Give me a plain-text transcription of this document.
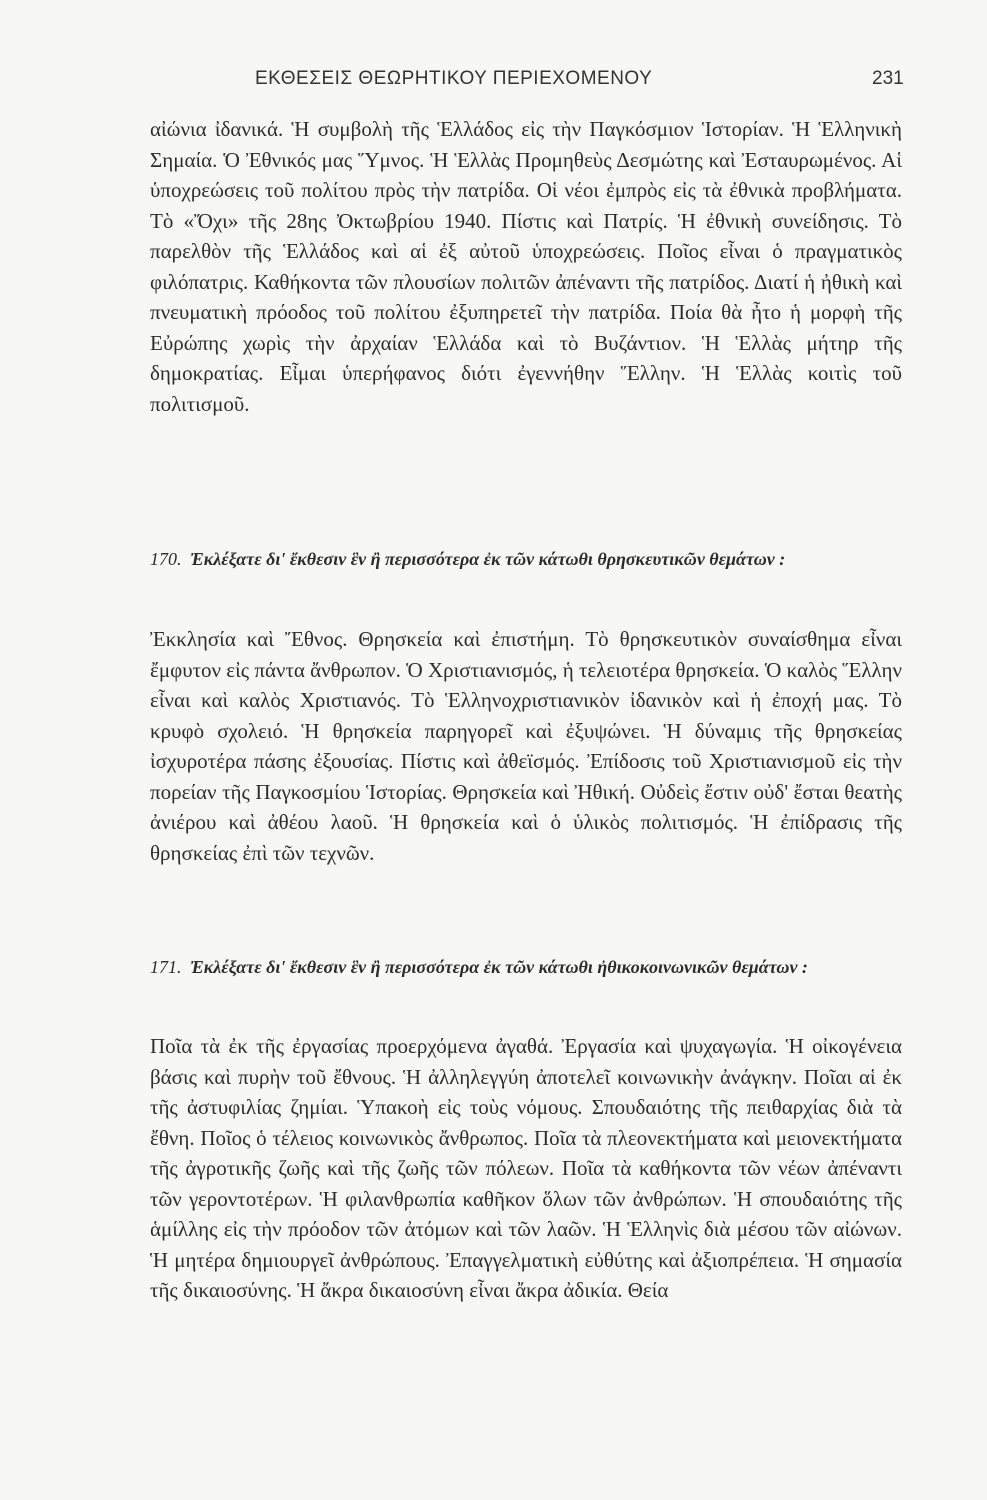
ΕΚΘΕΣΕΙΣ ΘΕΩΡΗΤΙΚΟΥ ΠΕΡΙΕΧΟΜΕΝΟΥ	231

αἰώνια ἰδανικά. Ἡ συμβολὴ τῆς Ἑλλάδος εἰς τὴν Παγκόσμιον Ἱστορίαν. Ἡ Ἑλληνικὴ Σημαία. Ὁ Ἐθνικός μας Ὕμνος. Ἡ Ἑλλὰς Προμηθεὺς Δεσμώτης καὶ Ἐσταυρωμένος. Αἱ ὑποχρεώσεις τοῦ πολίτου πρὸς τὴν πατρίδα. Οἱ νέοι ἐμπρὸς εἰς τὰ ἐθνικὰ προβλήματα. Τὸ «Ὄχι» τῆς 28ης Ὀκτωβρίου 1940. Πίστις καὶ Πατρίς. Ἡ ἐθνικὴ συνείδησις. Τὸ παρελθὸν τῆς Ἑλλάδος καὶ αἱ ἐξ αὐτοῦ ὑποχρεώσεις. Ποῖος εἶναι ὁ πραγματικὸς φιλόπατρις. Καθήκοντα τῶν πλουσίων πολιτῶν ἀπέναντι τῆς πατρίδος. Διατί ἡ ἠθικὴ καὶ πνευματικὴ πρόοδος τοῦ πολίτου ἐξυπηρετεῖ τὴν πατρίδα. Ποία θὰ ἦτο ἡ μορφὴ τῆς Εὐρώπης χωρὶς τὴν ἀρχαίαν Ἑλλάδα καὶ τὸ Βυζάντιον. Ἡ Ἑλλὰς μήτηρ τῆς δημοκρατίας. Εἶμαι ὑπερήφανος διότι ἐγεννήθην Ἕλλην. Ἡ Ἑλλὰς κοιτὶς τοῦ πολιτισμοῦ.

170. Ἐκλέξατε δι' ἔκθεσιν ἓν ἢ περισσότερα ἐκ τῶν κάτωθι θρησκευτικῶν θεμάτων :

Ἐκκλησία καὶ Ἔθνος. Θρησκεία καὶ ἐπιστήμη. Τὸ θρησκευτικὸν συναίσθημα εἶναι ἔμφυτον εἰς πάντα ἄνθρωπον. Ὁ Χριστιανισμός, ἡ τελειοτέρα θρησκεία. Ὁ καλὸς Ἕλλην εἶναι καὶ καλὸς Χριστιανός. Τὸ Ἑλληνοχριστιανικὸν ἰδανικὸν καὶ ἡ ἐποχή μας. Τὸ κρυφὸ σχολειό. Ἡ θρησκεία παρηγορεῖ καὶ ἐξυψώνει. Ἡ δύναμις τῆς θρησκείας ἰσχυροτέρα πάσης ἐξουσίας. Πίστις καὶ ἀθεϊσμός. Ἐπίδοσις τοῦ Χριστιανισμοῦ εἰς τὴν πορείαν τῆς Παγκοσμίου Ἱστορίας. Θρησκεία καὶ Ἠθική. Οὐδεὶς ἔστιν οὐδ' ἔσται θεατὴς ἀνιέρου καὶ ἀθέου λαοῦ. Ἡ θρησκεία καὶ ὁ ὑλικὸς πολιτισμός. Ἡ ἐπίδρασις τῆς θρησκείας ἐπὶ τῶν τεχνῶν.

171. Ἐκλέξατε δι' ἔκθεσιν ἓν ἢ περισσότερα ἐκ τῶν κάτωθι ἠθικοκοινωνικῶν θεμάτων :

Ποῖα τὰ ἐκ τῆς ἐργασίας προερχόμενα ἀγαθά. Ἐργασία καὶ ψυχαγωγία. Ἡ οἰκογένεια βάσις καὶ πυρὴν τοῦ ἔθνους. Ἡ ἀλληλεγγύη ἀποτελεῖ κοινωνικὴν ἀνάγκην. Ποῖαι αἱ ἐκ τῆς ἀστυφιλίας ζημίαι. Ὑπακοὴ εἰς τοὺς νόμους. Σπουδαιότης τῆς πειθαρχίας διὰ τὰ ἔθνη. Ποῖος ὁ τέλειος κοινωνικὸς ἄνθρωπος. Ποῖα τὰ πλεονεκτήματα καὶ μειονεκτήματα τῆς ἀγροτικῆς ζωῆς καὶ τῆς ζωῆς τῶν πόλεων. Ποῖα τὰ καθήκοντα τῶν νέων ἀπέναντι τῶν γεροντοτέρων. Ἡ φιλανθρωπία καθῆκον ὅλων τῶν ἀνθρώπων. Ἡ σπουδαιότης τῆς ἁμίλλης εἰς τὴν πρόοδον τῶν ἀτόμων καὶ τῶν λαῶν. Ἡ Ἑλληνὶς διὰ μέσου τῶν αἰώνων. Ἡ μητέρα δημιουργεῖ ἀνθρώπους. Ἐπαγγελματικὴ εὐθύτης καὶ ἀξιοπρέπεια. Ἡ σημασία τῆς δικαιοσύνης. Ἡ ἄκρα δικαιοσύνη εἶναι ἄκρα ἀδικία. Θεία
